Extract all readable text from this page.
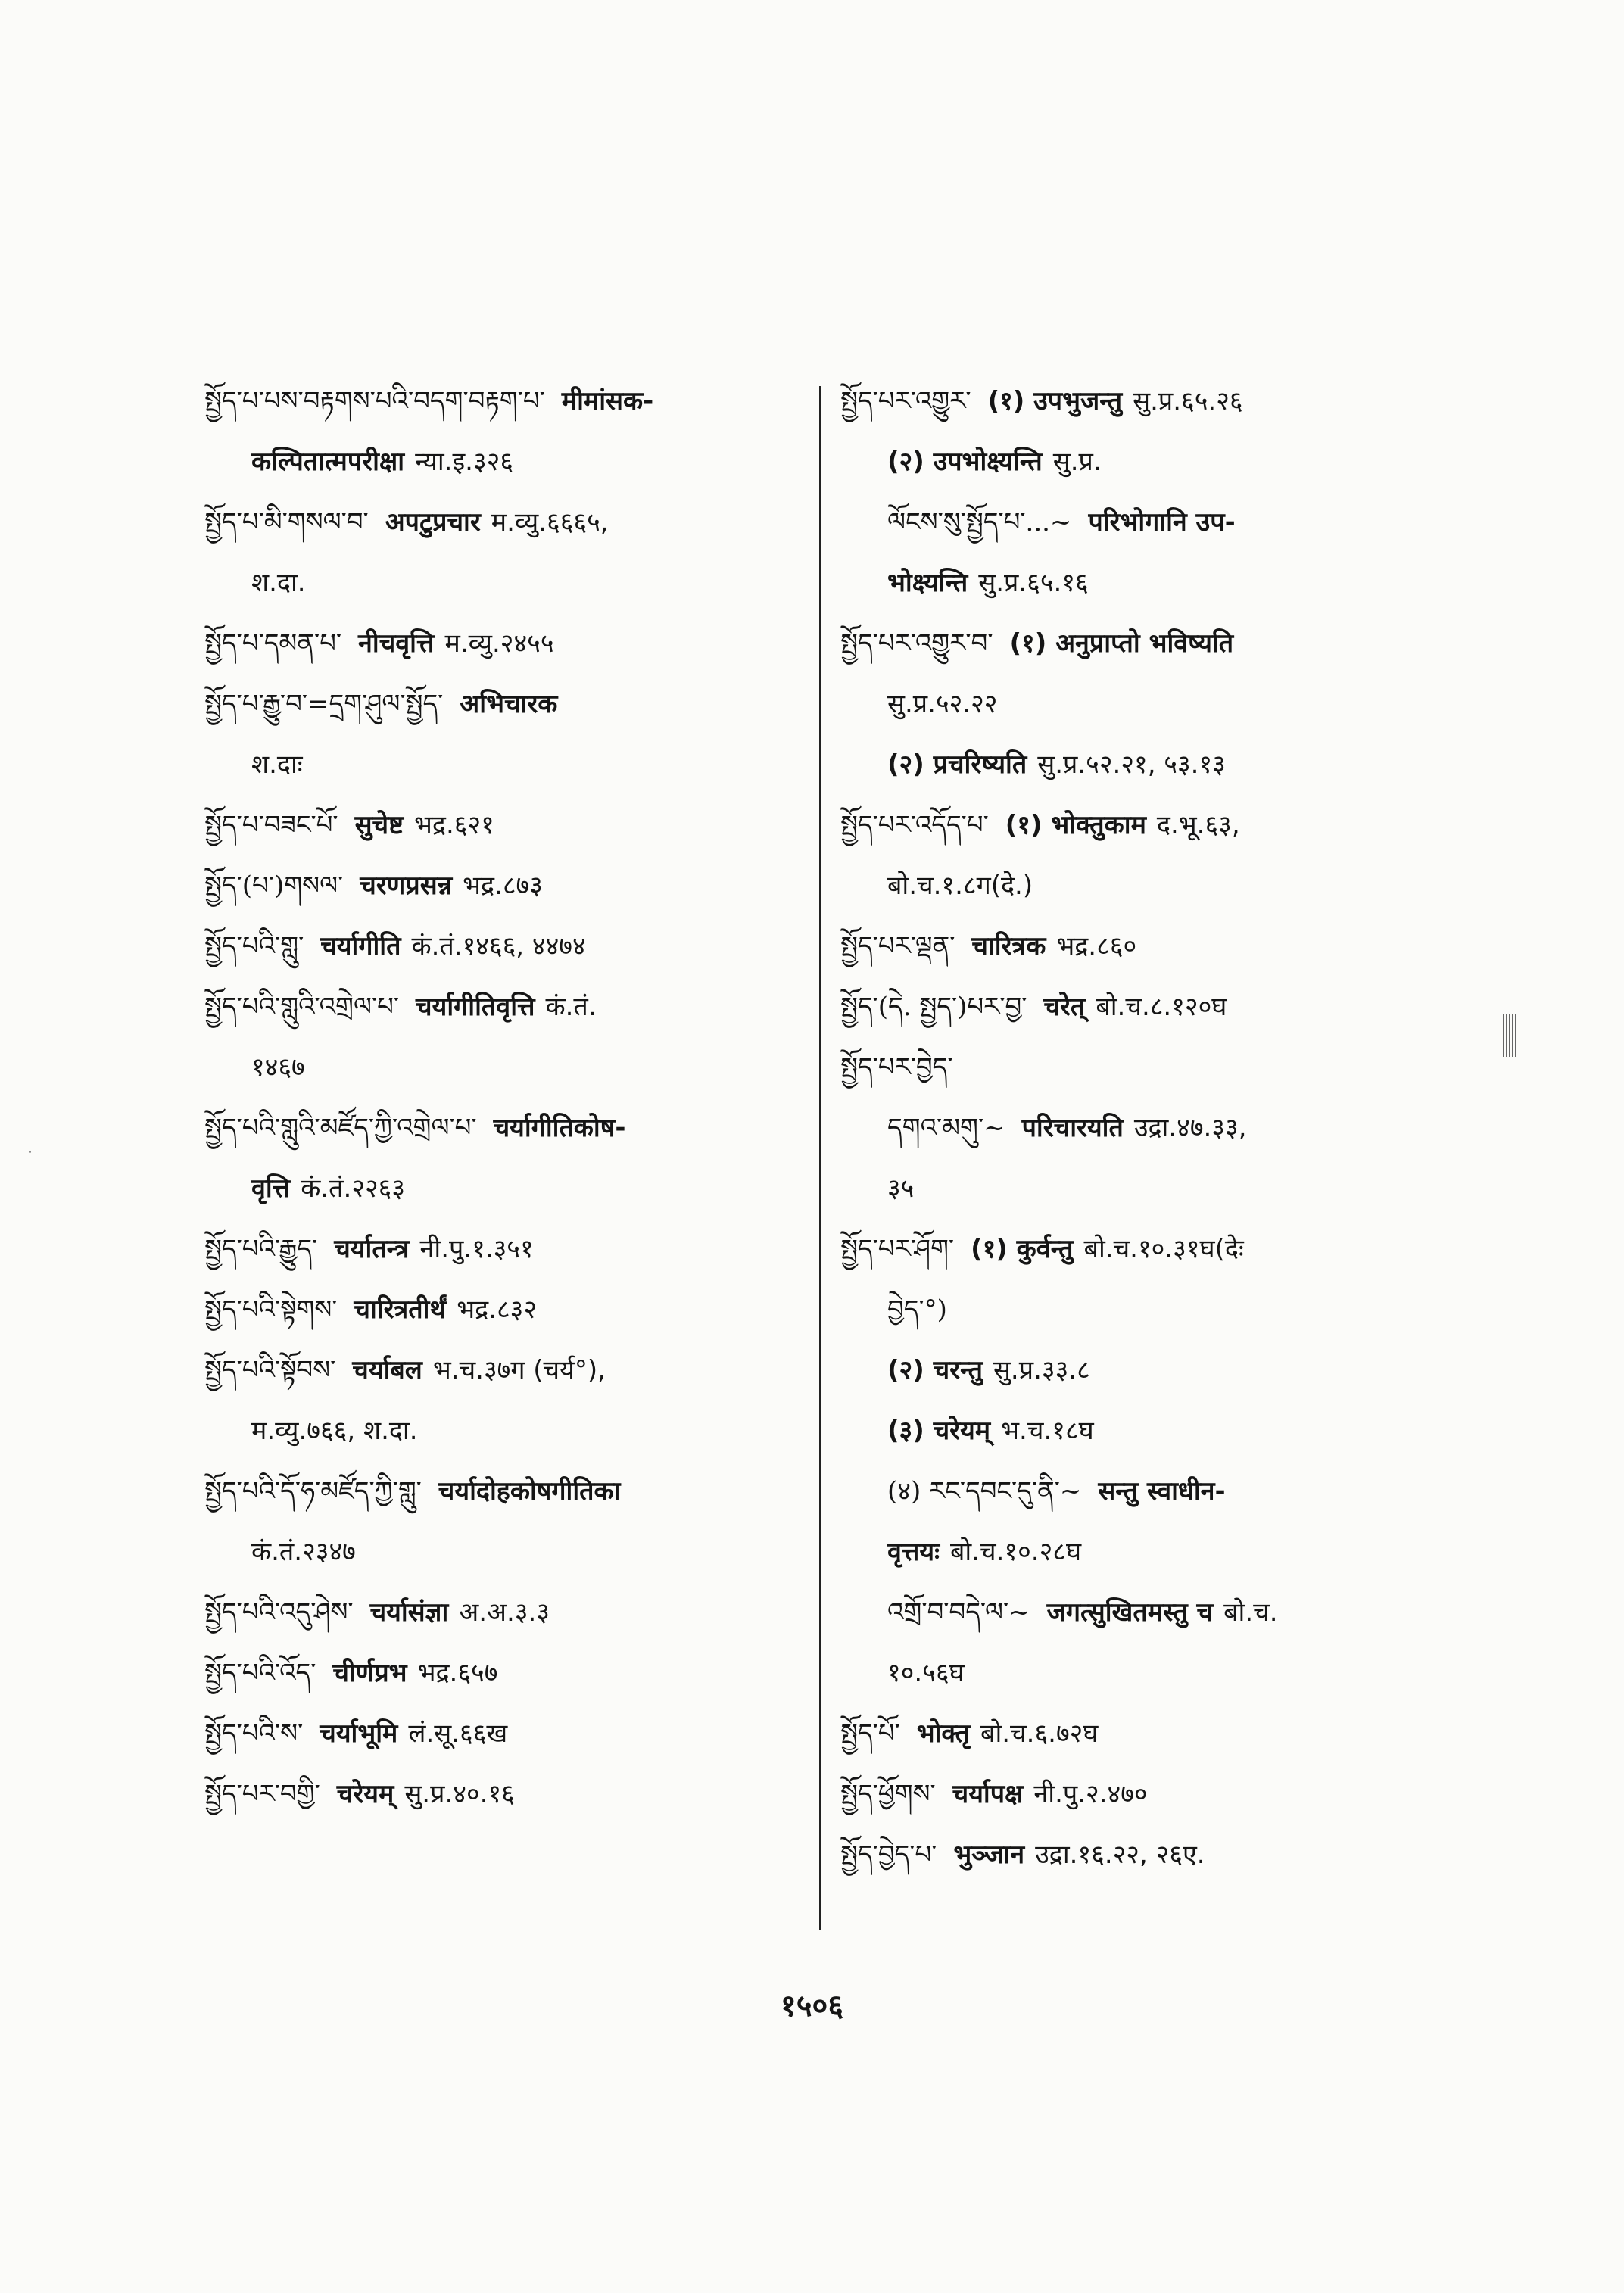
སྤྱོད་པ་པས་བརྟགས་པའི་བདག་བརྟག་པ་ मीमांसक-
कल्पितात्मपरीक्षा न्या.इ.३२६
སྤྱོད་པ་མི་གསལ་བ་ अपटुप्रचार म.व्यु.६६६५,
श.दा.
སྤྱོད་པ་དམན་པ་ नीचवृत्ति म.व्यु.२४५५
སྤྱོད་པ་རྒྱུ་བ་=དྲག་ཤུལ་སྤྱོད་ अभिचारक
श.दाः
སྤྱོད་པ་བཟང་པོ་ सुचेष्ट भद्र.६२१
སྤྱོད་(པ་)གསལ་ चरणप्रसन्न भद्र.८७३
སྤྱོད་པའི་གླུ་ चर्यागीति कं.तं.१४६६, ४४७४
སྤྱོད་པའི་གླུའི་འགྲེལ་པ་ चर्यागीतिवृत्ति कं.तं.
१४६७
སྤྱོད་པའི་གླུའི་མཛོད་ཀྱི་འགྲེལ་པ་ चर्यागीतिकोष-
वृत्ति कं.तं.२२६३
སྤྱོད་པའི་རྒྱུད་ चर्यातन्त्र नी.पु.१.३५१
སྤྱོད་པའི་སྟེགས་ चारित्रतीर्थं भद्र.८३२
སྤྱོད་པའི་སྟོབས་ चर्याबल भ.च.३७ग (चर्य°),
म.व्यु.७६६, श.दा.
སྤྱོད་པའི་དོ་ཧ་མཛོད་ཀྱི་གླུ་ चर्यादोहकोषगीतिका
कं.तं.२३४७
སྤྱོད་པའི་འདུ་ཤེས་ चर्यासंज्ञा अ.अ.३.३
སྤྱོད་པའི་འོད་ चीर्णप्रभ भद्र.६५७
སྤྱོད་པའི་ས་ चर्याभूमि लं.सू.६६ख
སྤྱོད་པར་བགྱི་ चरेयम् सु.प्र.४०.१६
སྤྱོད་པར་འགྱུར་ (१) उपभुजन्तु सु.प्र.६५.२६
(२) उपभोक्ष्यन्ति सु.प्र.
ལོངས་སུ་སྤྱོད་པ་...~ परिभोगानि उप-
भोक्ष्यन्ति सु.प्र.६५.१६
སྤྱོད་པར་འགྱུར་བ་ (१) अनुप्राप्तो भविष्यति
सु.प्र.५२.२२
(२) प्रचरिष्यति सु.प्र.५२.२१, ५३.१३
སྤྱོད་པར་འདོད་པ་ (१) भोक्तुकाम द.भू.६३,
बो.च.१.८ग(दे.)
སྤྱོད་པར་ལྡན་ चारित्रक भद्र.८६०
སྤྱོད་(དེ. སྤྱད་)པར་བྱ་ चरेत् बो.च.८.१२०घ
སྤྱོད་པར་བྱེད་
དགའ་མགུ་~ परिचारयति उद्रा.४७.३३,
३५
སྤྱོད་པར་ཤོག་ (१) कुर्वन्तु बो.च.१०.३१घ(देः
བྱེད་°)
(२) चरन्तु सु.प्र.३३.८
(३) चरेयम् भ.च.१८घ
(४) རང་དབང་དུ་ནི་~ सन्तु स्वाधीन-
वृत्तयः बो.च.१०.२८घ
འགྲོ་བ་བདེ་ལ་~ जगत्सुखितमस्तु च बो.च.
१०.५६घ
སྤྱོད་པོ་ भोक्तृ बो.च.६.७२घ
སྤྱོད་ཕྱོགས་ चर्यापक्ष नी.पु.२.४७०
སྤྱོད་བྱེད་པ་ भुञ्जान उद्रा.१६.२२, २६ए.
१५०६
